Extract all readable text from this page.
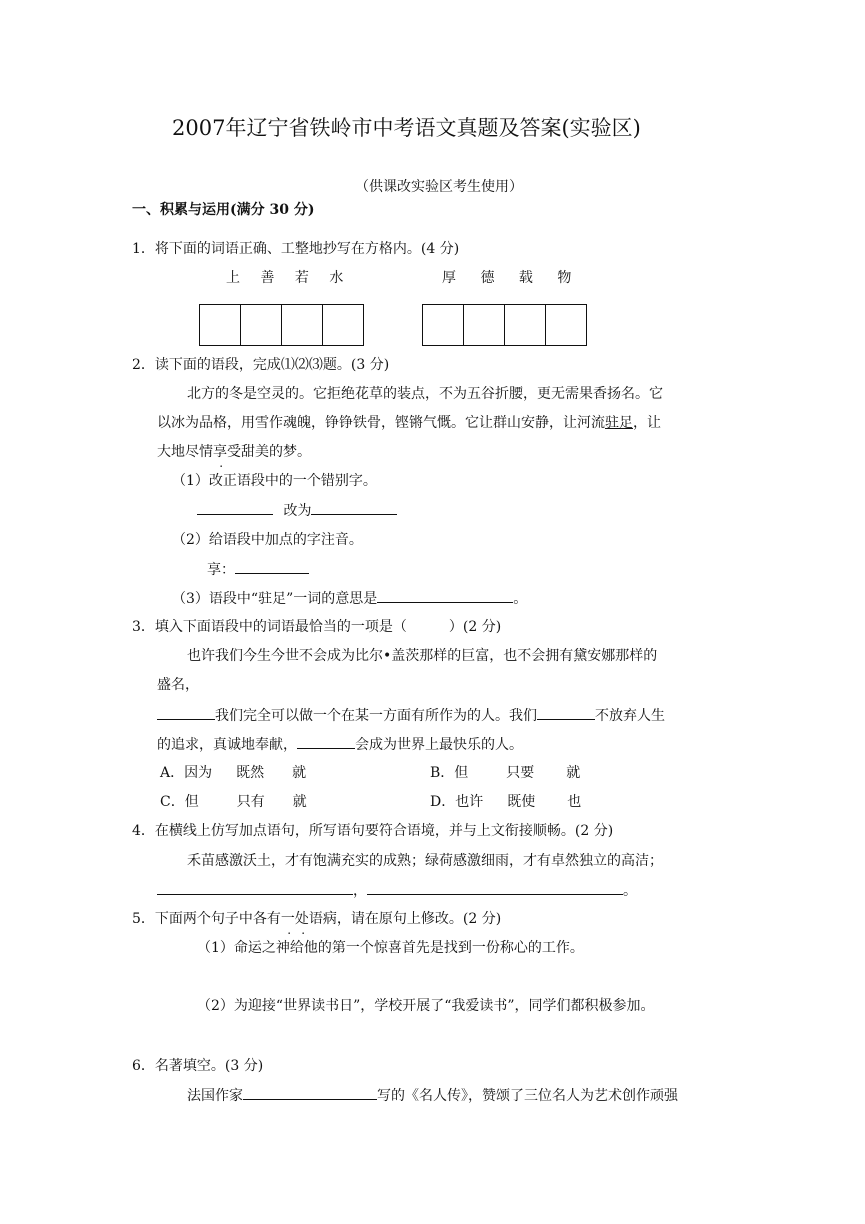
2007年辽宁省铁岭市中考语文真题及答案(实验区)
（供课改实验区考生使用）
一、积累与运用(满分 30 分)
1．将下面的词语正确、工整地抄写在方格内。(4 分)
上 善 若 水	厚 德 载 物
2．读下面的语段，完成⑴⑵⑶题。(3 分)
北方的冬是空灵的。它拒绝花草的装点，不为五谷折腰，更无需果香扬名。它
以冰为品格，用雪作魂魄，铮铮铁骨，铿锵气慨。它让群山安静，让河流驻足，让
大地尽情享受甜美的梦。
（1）改正语段中的一个错别字。
改为
（2）给语段中加点的字注音。
享：
（3）语段中“驻足”一词的意思是	。
3．填入下面语段中的词语最恰当的一项是（　　　）(2 分)
也许我们今生今世不会成为比尔•盖茨那样的巨富，也不会拥有黛安娜那样的
盛名，
我们完全可以做一个在某一方面有所作为的人。我们	不放弃人生
的追求，真诚地奉献，	会成为世界上最快乐的人。
A．因为 既然 就	B．但	只要 就
C．但	只有 就	D．也许 既使 也
4．在横线上仿写加点语句，所写语句要符合语境，并与上文衔接顺畅。(2 分)
禾苗感激沃土，才有饱满充实的成熟；绿荷感激细雨，才有卓然独立的高洁；
，	。
5．下面两个句子中各有一处语病，请在原句上修改。(2 分)
（1）命运之神给他的第一个惊喜首先是找到一份称心的工作。
（2）为迎接“世界读书日”，学校开展了“我爱读书”，同学们都积极参加。
6．名著填空。(3 分)
法国作家	写的《名人传》，赞颂了三位名人为艺术创作顽强
